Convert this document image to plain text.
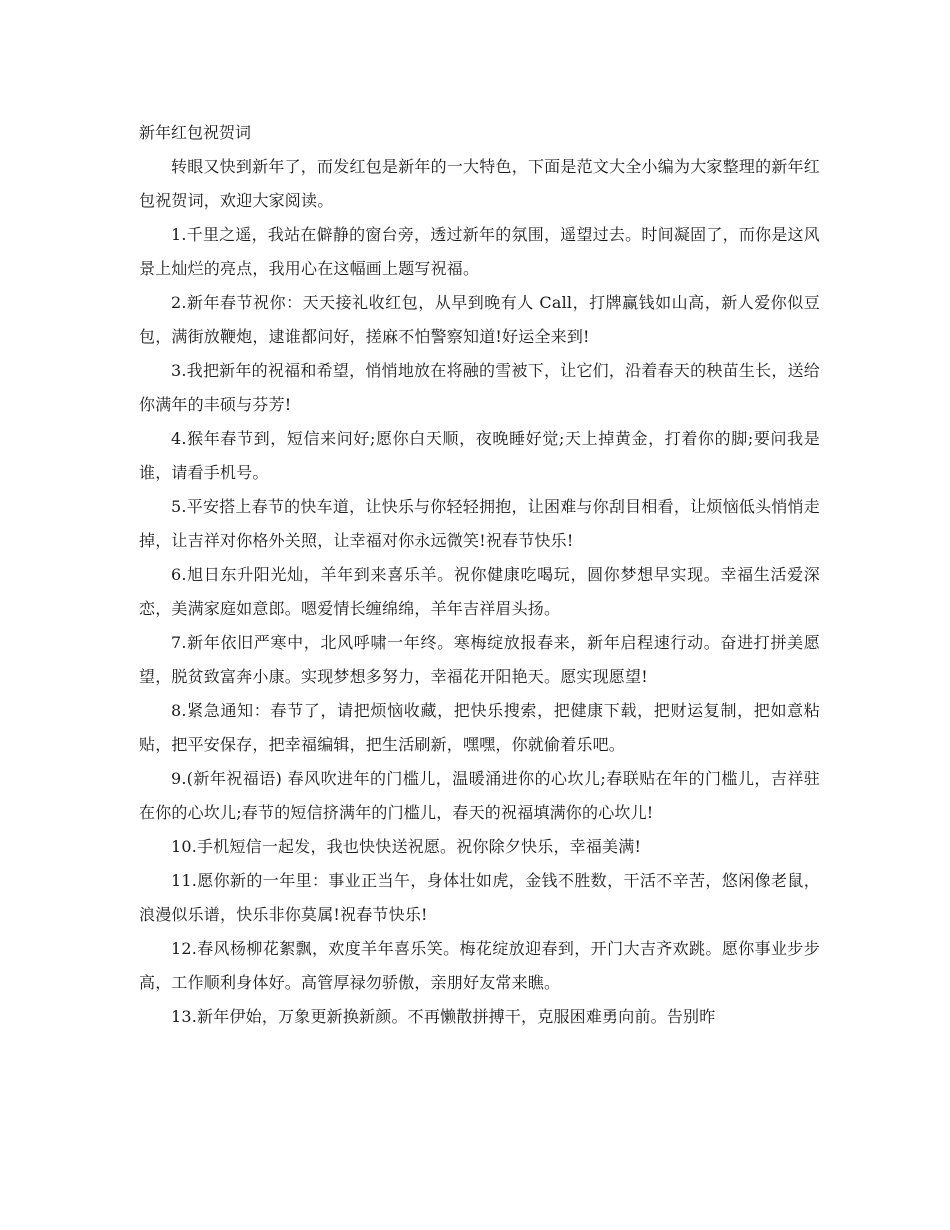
新年红包祝贺词

转眼又快到新年了，而发红包是新年的一大特色，下面是范文大全小编为大家整理的新年红包祝贺词，欢迎大家阅读。

1.千里之遥，我站在僻静的窗台旁，透过新年的氛围，遥望过去。时间凝固了，而你是这风景上灿烂的亮点，我用心在这幅画上题写祝福。

2.新年春节祝你：天天接礼收红包，从早到晚有人 Call，打牌赢钱如山高，新人爱你似豆包，满街放鞭炮，逮谁都问好，搓麻不怕警察知道!好运全来到!

3.我把新年的祝福和希望，悄悄地放在将融的雪被下，让它们，沿着春天的秧苗生长，送给你满年的丰硕与芬芳!

4.猴年春节到，短信来问好;愿你白天顺，夜晚睡好觉;天上掉黄金，打着你的脚;要问我是谁，请看手机号。

5.平安搭上春节的快车道，让快乐与你轻轻拥抱，让困难与你刮目相看，让烦恼低头悄悄走掉，让吉祥对你格外关照，让幸福对你永远微笑!祝春节快乐!

6.旭日东升阳光灿，羊年到来喜乐羊。祝你健康吃喝玩，圆你梦想早实现。幸福生活爱深恋，美满家庭如意郎。嗯爱情长缠绵绵，羊年吉祥眉头扬。

7.新年依旧严寒中，北风呼啸一年终。寒梅绽放报春来，新年启程速行动。奋进打拼美愿望，脱贫致富奔小康。实现梦想多努力，幸福花开阳艳天。愿实现愿望!

8.紧急通知：春节了，请把烦恼收藏，把快乐搜索，把健康下载，把财运复制，把如意粘贴，把平安保存，把幸福编辑，把生活刷新，嘿嘿，你就偷着乐吧。

9.(新年祝福语) 春风吹进年的门槛儿，温暖涌进你的心坎儿;春联贴在年的门槛儿，吉祥驻在你的心坎儿;春节的短信挤满年的门槛儿，春天的祝福填满你的心坎儿!

10.手机短信一起发，我也快快送祝愿。祝你除夕快乐，幸福美满!

11.愿你新的一年里：事业正当午，身体壮如虎，金钱不胜数，干活不辛苦，悠闲像老鼠，浪漫似乐谱，快乐非你莫属!祝春节快乐!

12.春风杨柳花絮飘，欢度羊年喜乐笑。梅花绽放迎春到，开门大吉齐欢跳。愿你事业步步高，工作顺利身体好。高管厚禄勿骄傲，亲朋好友常来瞧。

13.新年伊始，万象更新换新颜。不再懒散拼搏干，克服困难勇向前。告别昨
